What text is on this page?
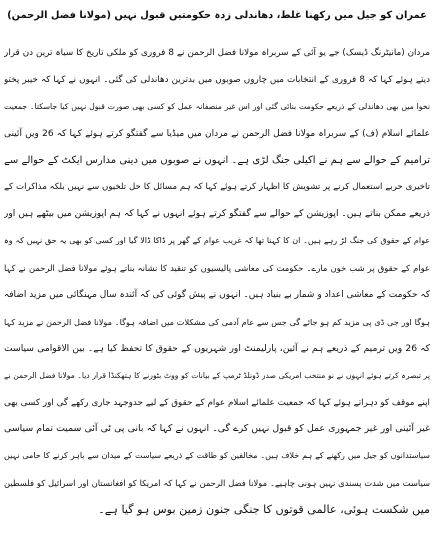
عمران کو جیل میں رکھنا غلط، دھاندلی زدہ حکومتیں قبول نہیں (مولانا فضل الرحمن)
مردان (مانیٹرنگ ڈیسک) جے یو آئی کے سربراہ مولانا فضل الرحمن نے 8 فروری کو ملکی تاریخ کا سیاہ ترین دن قرار
دیتے ہوئے کہا کہ 8 فروری کے انتخابات میں چاروں صوبوں میں بدترین دھاندلی کی گئی۔ انہوں نے کہا کہ خیبر پختو
نخوا میں بھی دھاندلی کے ذریعے حکومت بنائی گئی اور اس غیر منصفانہ عمل کو کسی بھی صورت قبول نہیں کیا جاسکتا۔ جمعیت
علمائے اسلام (ف) کے سربراہ مولانا فضل الرحمن نے مردان میں میڈیا سے گفتگو کرتے ہوئے کہا کہ 26 ویں آئینی
ترامیم کے حوالے سے ہم نے اکیلی جنگ لڑی ہے۔ انہوں نے صوبوں میں دینی مدارس ایکٹ کے حوالے سے
تاخیری حربے استعمال کرنے پر تشویش کا اظہار کرتے ہوئے کہا کہ ہم مسائل کا حل تلخیوں سے نہیں بلکہ مذاکرات کے
ذریعے ممکن بناتے ہیں۔ اپوزیشن کے حوالے سے گفتگو کرتے ہوئے انہوں نے کہا کہ ہم اپوزیشن میں بیٹھے ہیں اور
عوام کے حقوق کی جنگ لڑ رہے ہیں۔ ان کا کہنا تھا کہ غریب عوام کے گھر پر ڈاکا ڈالا گیا اور کسی کو بھی یہ حق نہیں کہ وہ
عوام کے حقوق پر شب خون مارے۔ حکومت کی معاشی پالیسیوں کو تنقید کا نشانہ بناتے ہوئے مولانا فضل الرحمن نے کہا
کہ حکومت کے معاشی اعداد و شمار بے بنیاد ہیں۔ انہوں نے پیش گوئی کی کہ آئندہ سال مہنگائی میں مزید اضافہ
ہوگا اور جی ڈی پی مزید کم ہو جائے گی جس سے عام آدمی کی مشکلات میں اضافہ ہوگا۔ مولانا فضل الرحمن نے مزید کہا
کہ 26 ویں ترمیم کے ذریعے ہم نے آئین، پارلیمنٹ اور شہریوں کے حقوق کا تحفظ کیا ہے۔ بین الاقوامی سیاست
پر تبصرہ کرتے ہوئے انہوں نے نو منتخب امریکی صدر ڈونلڈ ٹرمپ کے بیانات کو ووٹ بٹورنے کا ہتھکنڈا قرار دیا۔ مولانا فضل الرحمن نے
اپنے موقف کو دہراتے ہوئے کہا کہ جمعیت علمائے اسلام عوام کے حقوق کے لیے جدوجہد جاری رکھے گی اور کسی بھی
غیر آئینی اور غیر جمہوری عمل کو قبول نہیں کرے گی۔ انہوں نے کہا کہ بانی پی ٹی آئی سمیت تمام سیاسی
سیاستدانوں کو جیل میں رکھنے کے ہم خلاف ہیں۔ مخالفین کو طاقت کے ذریعے سیاست کے میدان سے باہر کرنے کا حامی نہیں
سیاست میں شدت پسندی نہیں ہونی چاہیے۔ مولانا فضل الرحمن نے کہا کہ امریکا کو افغانستان اور اسرائیل کو فلسطین
میں شکست ہوئی، عالمی قوتوں کا جنگی جنون زمین بوس ہو گیا ہے۔
